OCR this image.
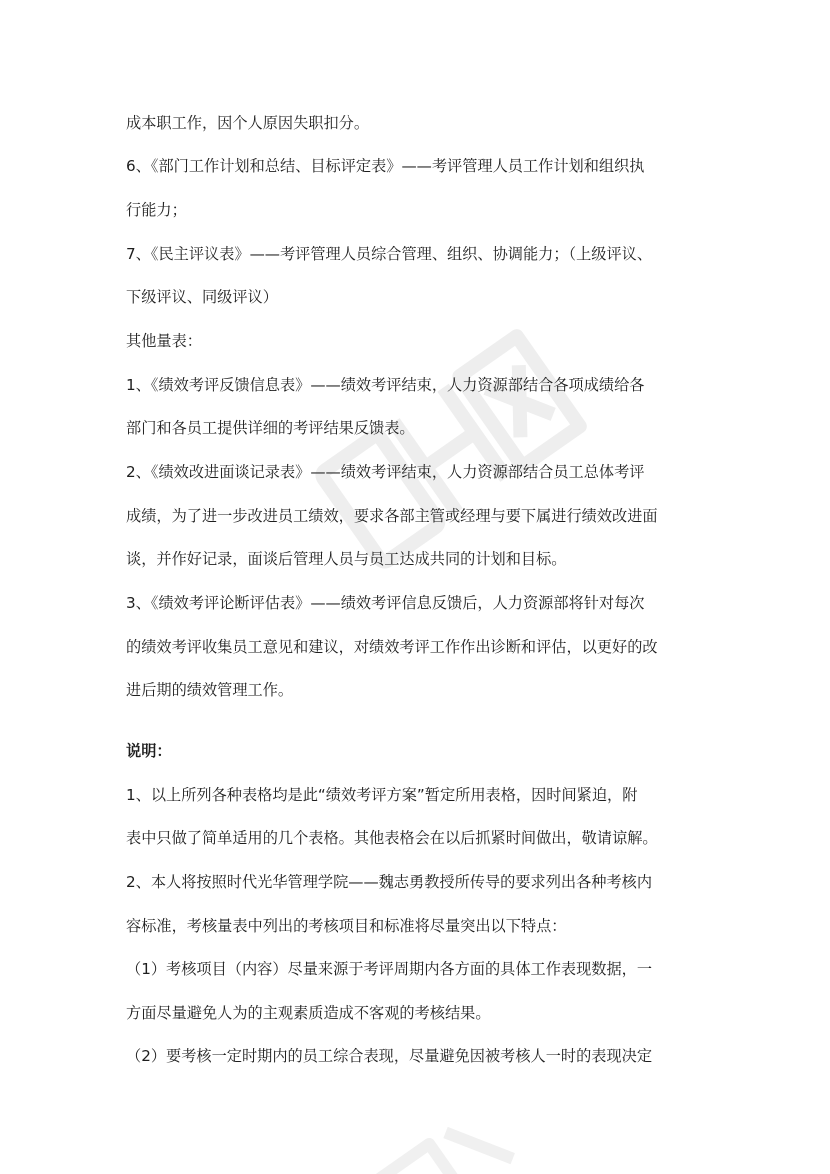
成本职工作，因个人原因失职扣分。
6、《部门工作计划和总结、目标评定表》——考评管理人员工作计划和组织执
行能力；
7、《民主评议表》——考评管理人员综合管理、组织、协调能力；（上级评议、
下级评议、同级评议）
其他量表：
1、《绩效考评反馈信息表》——绩效考评结束，人力资源部结合各项成绩给各
部门和各员工提供详细的考评结果反馈表。
2、《绩效改进面谈记录表》——绩效考评结束，人力资源部结合员工总体考评
成绩，为了进一步改进员工绩效，要求各部主管或经理与要下属进行绩效改进面
谈，并作好记录，面谈后管理人员与员工达成共同的计划和目标。
3、《绩效考评论断评估表》——绩效考评信息反馈后，人力资源部将针对每次
的绩效考评收集员工意见和建议，对绩效考评工作作出诊断和评估，以更好的改
进后期的绩效管理工作。
说明：
1、以上所列各种表格均是此“绩效考评方案”暂定所用表格，因时间紧迫，附
表中只做了简单适用的几个表格。其他表格会在以后抓紧时间做出，敬请谅解。
2、本人将按照时代光华管理学院——魏志勇教授所传导的要求列出各种考核内
容标准，考核量表中列出的考核项目和标准将尽量突出以下特点：
（1）考核项目（内容）尽量来源于考评周期内各方面的具体工作表现数据，一
方面尽量避免人为的主观素质造成不客观的考核结果。
（2）要考核一定时期内的员工综合表现，尽量避免因被考核人一时的表现决定
